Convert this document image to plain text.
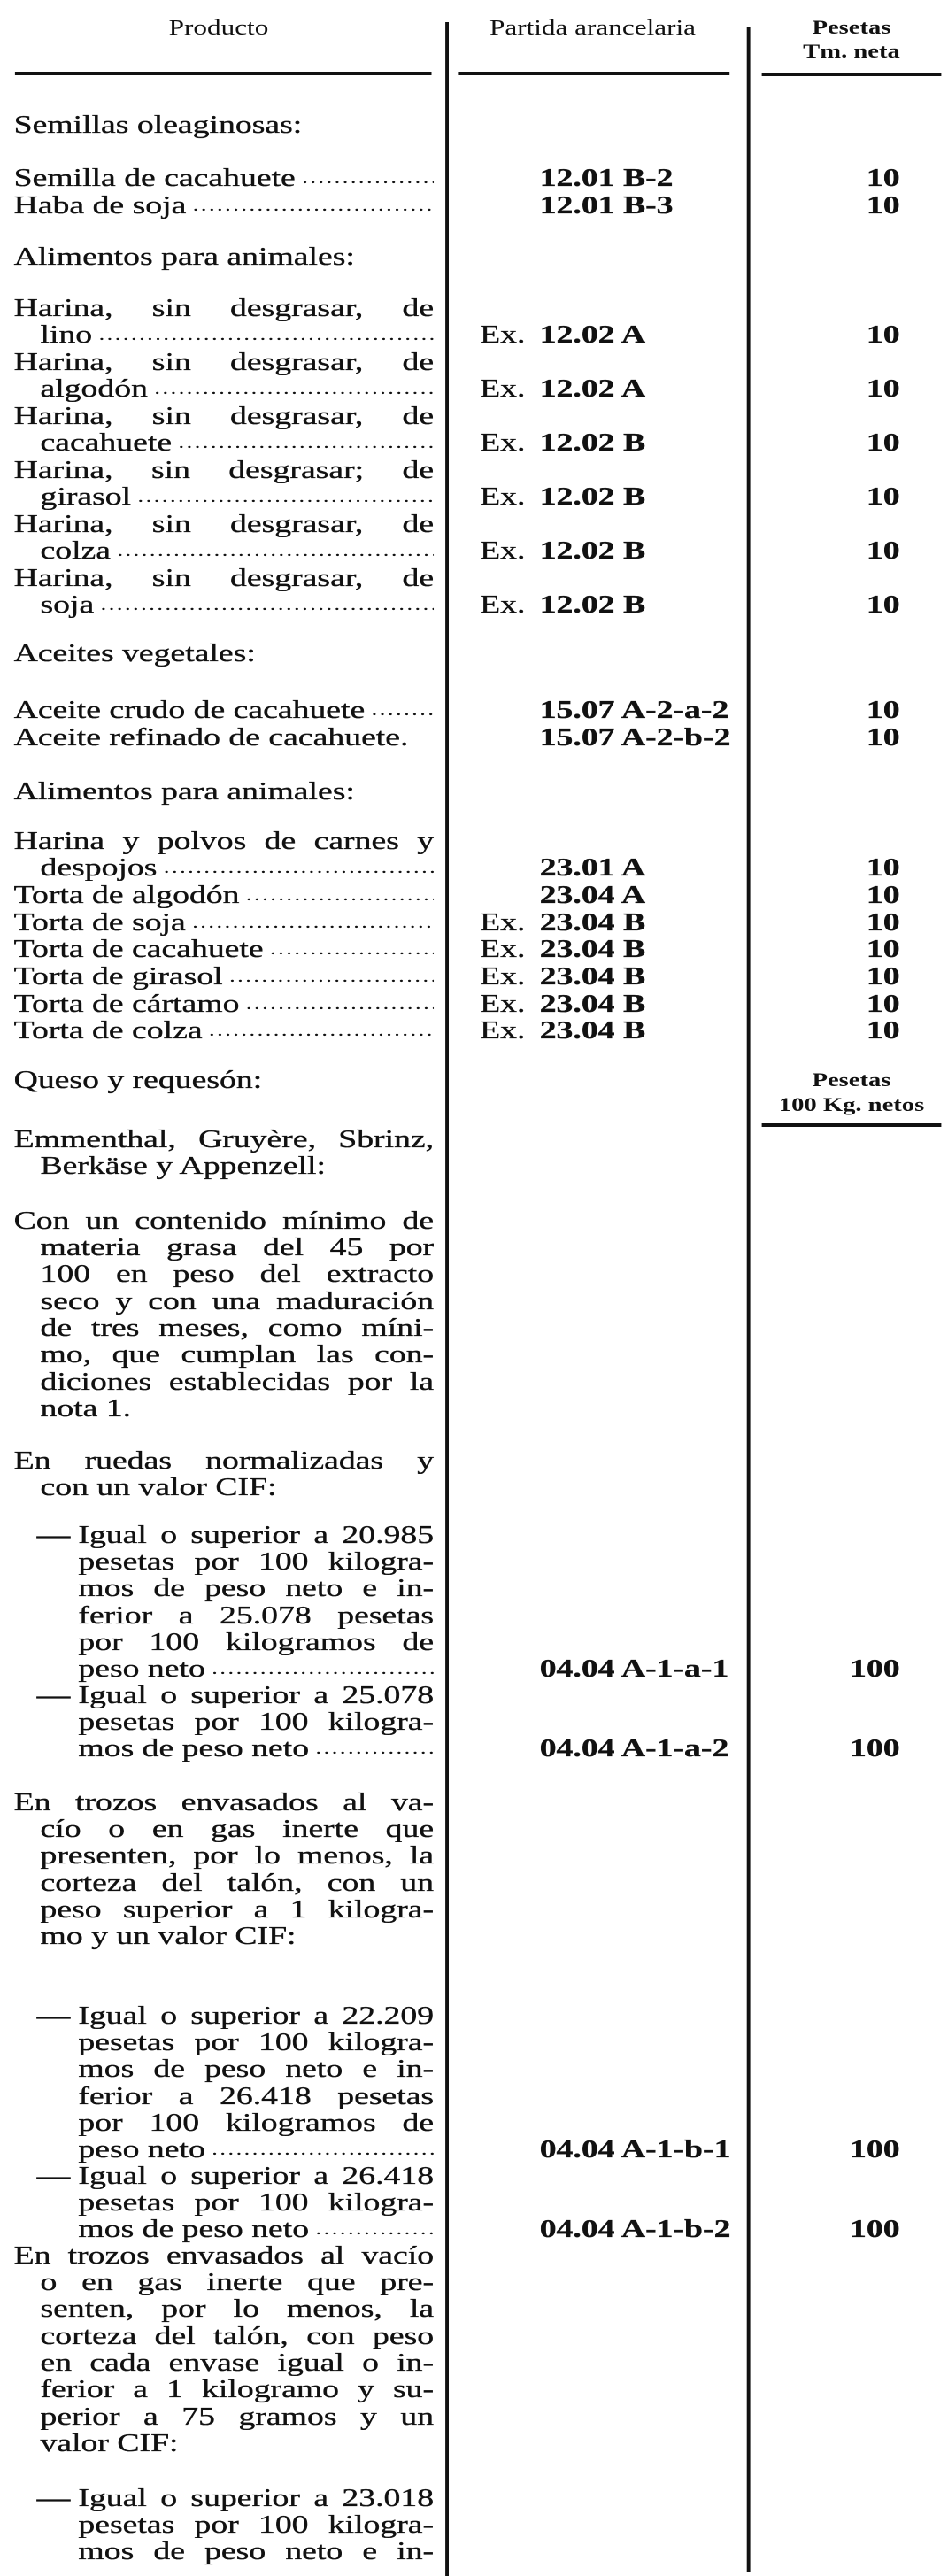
Producto	Partida arancelaria	Pesetas
Tm. neta
Semillas oleaginosas:
Semilla de cacahuete
. . .	12.01 B-2	10
Haba de soja
. . .	12.01 B-3	10
Alimentos para animales:
Harina, sin desgrasar, de
lino
. . .	Ex. 12.02 A	10
Harina, sin desgrasar, de
algodón
. . .	Ex. 12.02 A	10
Harina, sin desgrasar, de
cacahuete
. . .	Ex. 12.02 B	10
Harina, sin desgrasar; de
girasol
. . .	Ex. 12.02 B	10
Harina, sin desgrasar, de
colza
. . .	Ex. 12.02 B	10
Harina, sin desgrasar, de
soja
. . .	Ex. 12.02 B	10
Aceites vegetales:
Aceite crudo de cacahuete
. . .	15.07 A-2-a-2	10
Aceite refinado de cacahuete.	15.07 A-2-b-2	10
Alimentos para animales:
Harina y polvos de carnes y
despojos
. . .	23.01 A	10
Torta de algodón
. . .	23.04 A	10
Torta de soja
. . .	Ex. 23.04 B	10
Torta de cacahuete
. . .	Ex. 23.04 B	10
Torta de girasol
. . .	Ex. 23.04 B	10
Torta de cártamo
. . .	Ex. 23.04 B	10
Torta de colza
. . .	Ex. 23.04 B	10
Queso y requesón:	Pesetas
100 Kg. netos
Emmenthal, Gruyère, Sbrinz,
Berkäse y Appenzell:
Con un contenido mínimo de
materia grasa del 45 por
100 en peso del extracto
seco y con una maduración
de tres meses, como míni-
mo, que cumplan las con-
diciones establecidas por la
nota 1.
En ruedas normalizadas y
con un valor CIF:
— Igual o superior a 20.985
pesetas por 100 kilogra-
mos de peso neto e in-
ferior a 25.078 pesetas
por 100 kilogramos de
peso neto
. . .	04.04 A-1-a-1	100
— Igual o superior a 25.078
pesetas por 100 kilogra-
mos de peso neto
. . .	04.04 A-1-a-2	100
En trozos envasados al va-
cío o en gas inerte que
presenten, por lo menos, la
corteza del talón, con un
peso superior a 1 kilogra-
mo y un valor CIF:
— Igual o superior a 22.209
pesetas por 100 kilogra-
mos de peso neto e in-
ferior a 26.418 pesetas
por 100 kilogramos de
peso neto
. . .	04.04 A-1-b-1	100
— Igual o superior a 26.418
pesetas por 100 kilogra-
mos de peso neto
. . .	04.04 A-1-b-2	100
En trozos envasados al vacío
o en gas inerte que pre-
senten, por lo menos, la
corteza del talón, con peso
en cada envase igual o in-
ferior a 1 kilogramo y su-
perior a 75 gramos y un
valor CIF:
— Igual o superior a 23.018
pesetas por 100 kilogra-
mos de peso neto e in-
